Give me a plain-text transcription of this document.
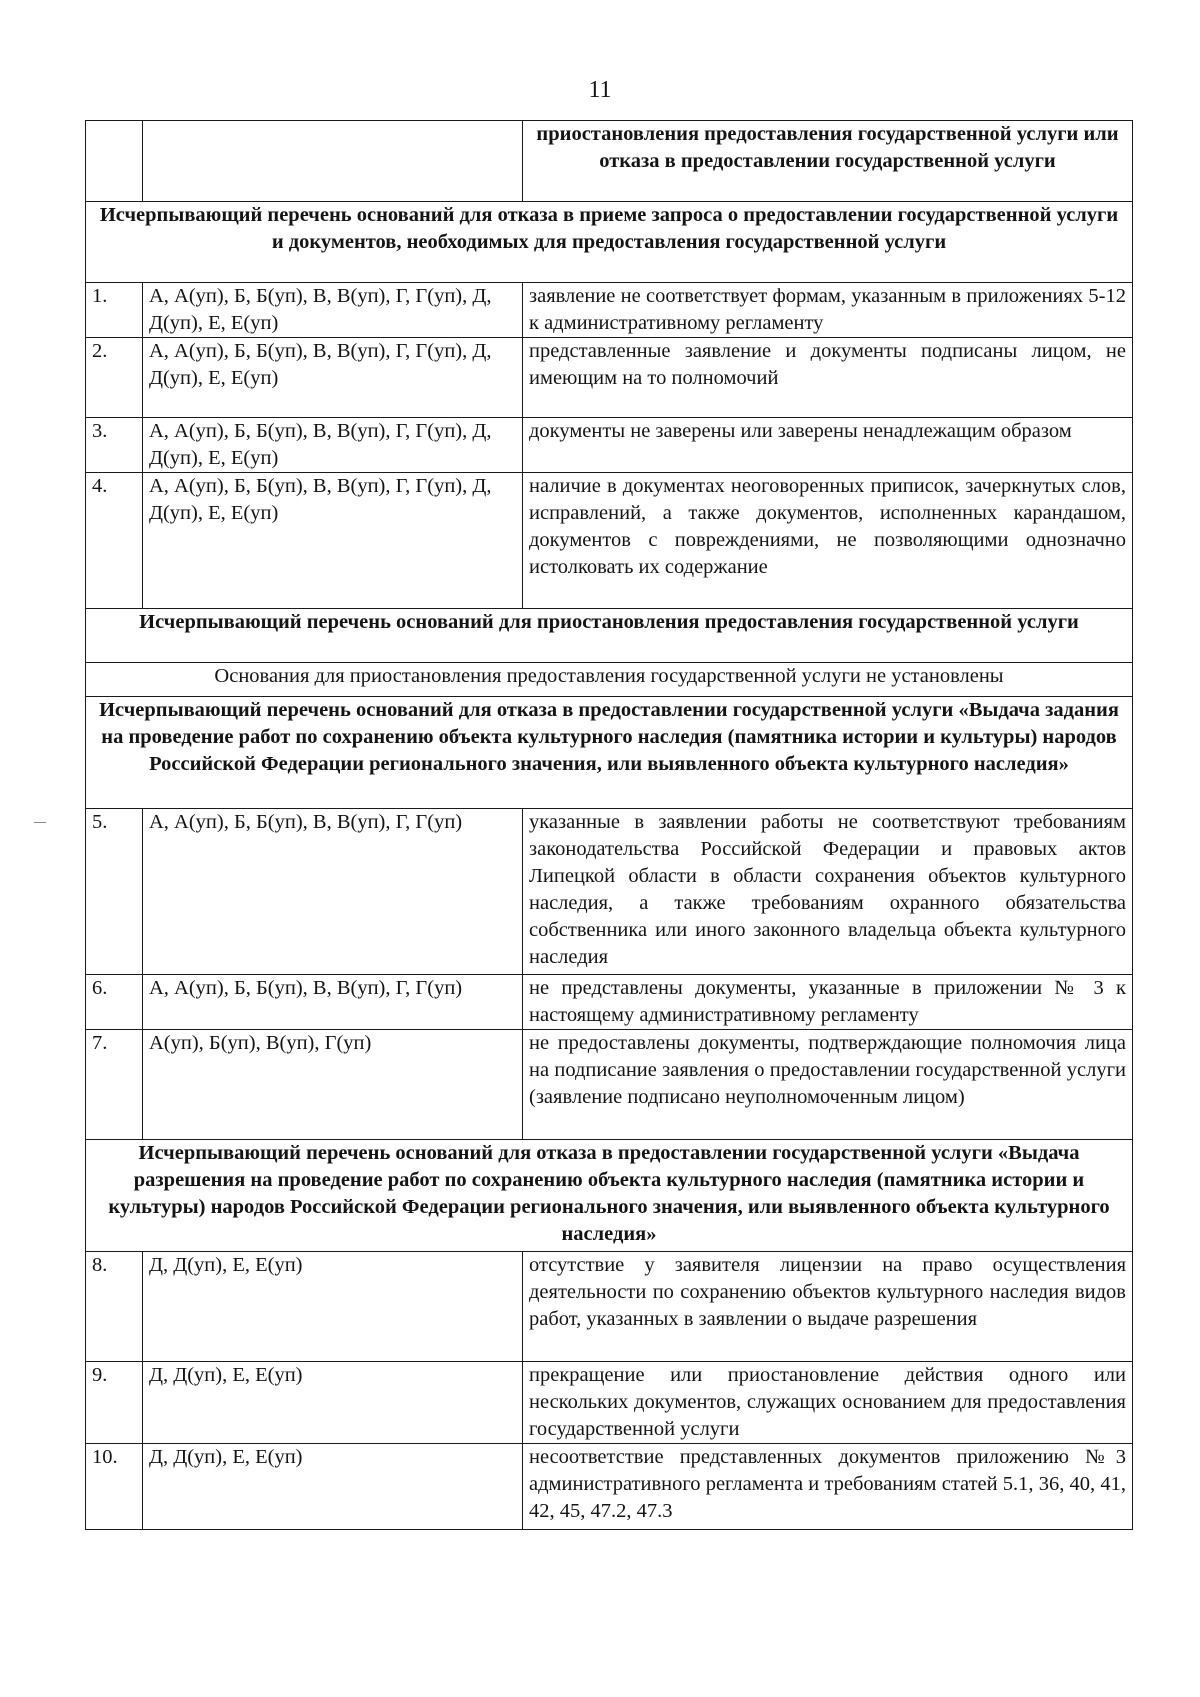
11
		приостановления предоставления государственной услуги или отказа в предоставлении государственной услуги
Исчерпывающий перечень оснований для отказа в приеме запроса о предоставлении государственной услуги и документов, необходимых для предоставления государственной услуги		
1.	А, А(уп), Б, Б(уп), В, В(уп), Г, Г(уп), Д, Д(уп), Е, Е(уп)	заявление не соответствует формам, указанным в приложениях 5-12 к административному регламенту
2.	А, А(уп), Б, Б(уп), В, В(уп), Г, Г(уп), Д, Д(уп), Е, Е(уп)	представленные заявление и документы подписаны лицом, не имеющим на то полномочий
3.	А, А(уп), Б, Б(уп), В, В(уп), Г, Г(уп), Д, Д(уп), Е, Е(уп)	документы не заверены или заверены ненадлежащим образом
4.	А, А(уп), Б, Б(уп), В, В(уп), Г, Г(уп), Д, Д(уп), Е, Е(уп)	наличие в документах неоговоренных приписок, зачеркнутых слов, исправлений, а также документов, исполненных карандашом, документов с повреждениями, не позволяющими однозначно истолковать их содержание
Исчерпывающий перечень оснований для приостановления предоставления государственной услуги		
Основания для приостановления предоставления государственной услуги не установлены		
Исчерпывающий перечень оснований для отказа в предоставлении государственной услуги «Выдача задания на проведение работ по сохранению объекта культурного наследия (памятника истории и культуры) народов Российской Федерации регионального значения, или выявленного объекта культурного наследия»		
5.	А, А(уп), Б, Б(уп), В, В(уп), Г, Г(уп)	указанные в заявлении работы не соответствуют требованиям законодательства Российской Федерации и правовых актов Липецкой области в области сохранения объектов культурного наследия, а также требованиям охранного обязательства собственника или иного законного владельца объекта культурного наследия
6.	А, А(уп), Б, Б(уп), В, В(уп), Г, Г(уп)	не представлены документы, указанные в приложении № 3 к настоящему административному регламенту
7.	А(уп), Б(уп), В(уп), Г(уп)	не предоставлены документы, подтверждающие полномочия лица на подписание заявления о предоставлении государственной услуги (заявление подписано неуполномоченным лицом)
Исчерпывающий перечень оснований для отказа в предоставлении государственной услуги «Выдача разрешения на проведение работ по сохранению объекта культурного наследия (памятника истории и культуры) народов Российской Федерации регионального значения, или выявленного объекта культурного наследия»		
8.	Д, Д(уп), Е, Е(уп)	отсутствие у заявителя лицензии на право осуществления деятельности по сохранению объектов культурного наследия видов работ, указанных в заявлении о выдаче разрешения
9.	Д, Д(уп), Е, Е(уп)	прекращение или приостановление действия одного или нескольких документов, служащих основанием для предоставления государственной услуги
10.	Д, Д(уп), Е, Е(уп)	несоответствие представленных документов приложению №3 административного регламента и требованиям статей 5.1, 36, 40, 41, 42, 45, 47.2, 47.3
